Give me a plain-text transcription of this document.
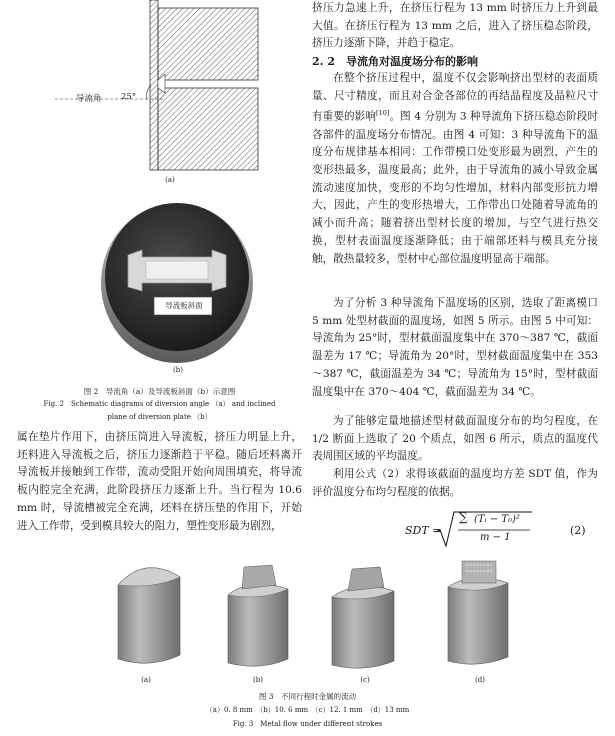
导流角 25°
(a)
导流板斜面
(b)
图 2　导流角（a）及导流板斜面（b）示意图
Fig. 2　Schematic diagrams of diversion angle （a） and inclined
plane of diversion plate （b）

属在垫片作用下，由挤压筒进入导流板，挤压力明显上升，坯料进入导流板之后，挤压力逐渐趋于平稳。随后坯料离开导流板并接触到工作带，流动受阻开始向周围填充，将导流板内腔完全充满，此阶段挤压力逐渐上升。当行程为 10.6 mm 时，导流槽被完全充满，坯料在挤压垫的作用下，开始进入工作带，受到模具较大的阻力，塑性变形最为剧烈，

挤压力急速上升，在挤压行程为 13 mm 时挤压力上升到最大值。在挤压行程为 13 mm 之后，进入了挤压稳态阶段，挤压力逐渐下降，并趋于稳定。

2. 2　导流角对温度场分布的影响

在整个挤压过程中，温度不仅会影响挤出型材的表面质量、尺寸精度，而且对合金各部位的再结晶程度及晶粒尺寸有重要的影响[10]。图 4 分别为 3 种导流角下挤压稳态阶段时各部件的温度场分布情况。由图 4 可知：3 种导流角下的温度分布规律基本相同：工作带模口处变形最为剧烈，产生的变形热最多，温度最高；此外，由于导流角的减小导致金属流动速度加快，变形的不均匀性增加，材料内部变形抗力增大，因此，产生的变形热增大，工作带出口处随着导流角的减小而升高；随着挤出型材长度的增加，与空气进行热交换，型材表面温度逐渐降低；由于端部坯料与模具充分接触，散热量较多，型材中心部位温度明显高于端部。

为了分析 3 种导流角下温度场的区别，选取了距离模口 5 mm 处型材截面的温度场，如图 5 所示。由图 5 中可知：导流角为 25°时，型材截面温度集中在 370～387 ℃，截面温差为 17 ℃；导流角为 20°时，型材截面温度集中在 353～387 ℃，截面温差为 34 ℃；导流角为 15°时，型材截面温度集中在 370～404 ℃，截面温差为 34 ℃。

为了能够定量地描述型材截面温度分布的均匀程度，在 1/2 断面上选取了 20 个质点，如图 6 所示，质点的温度代表周围区域的平均温度。

利用公式（2）求得该截面的温度均方差 SDT 值，作为评价温度分布均匀程度的依据。

SDT =
∑ (Tᵢ − T₀)²
m − 1
(2)
(a)	(b)	(c)	(d)
图 3　不同行程时金属的流动
（a）0. 8 mm　（b）10. 6 mm　（c）12. 1 mm　（d）13 mm
Fig. 3　Metal flow under different strokes
